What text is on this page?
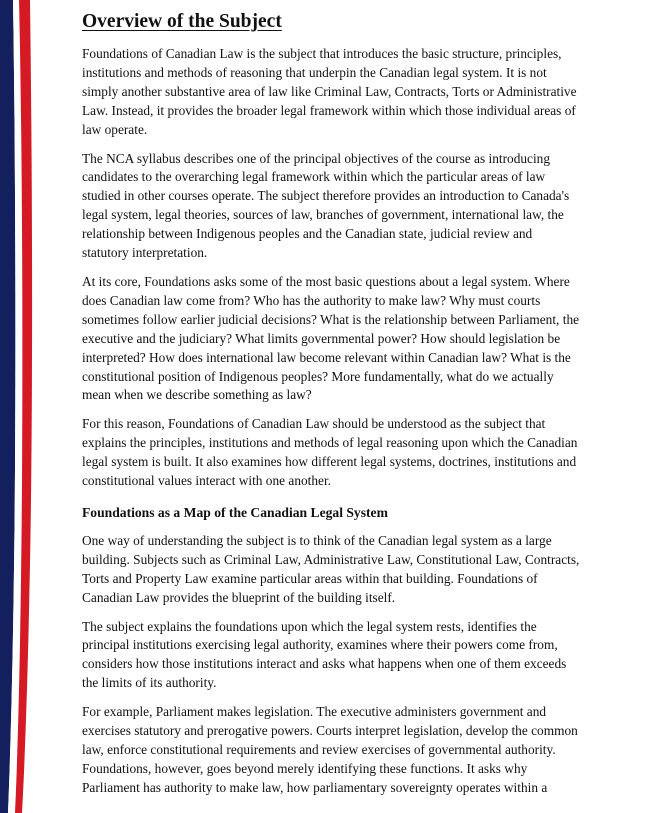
Overview of the Subject

Foundations of Canadian Law is the subject that introduces the basic structure, principles, institutions and methods of reasoning that underpin the Canadian legal system. It is not simply another substantive area of law like Criminal Law, Contracts, Torts or Administrative Law. Instead, it provides the broader legal framework within which those individual areas of law operate.

The NCA syllabus describes one of the principal objectives of the course as introducing candidates to the overarching legal framework within which the particular areas of law studied in other courses operate. The subject therefore provides an introduction to Canada's legal system, legal theories, sources of law, branches of government, international law, the relationship between Indigenous peoples and the Canadian state, judicial review and statutory interpretation.

At its core, Foundations asks some of the most basic questions about a legal system. Where does Canadian law come from? Who has the authority to make law? Why must courts sometimes follow earlier judicial decisions? What is the relationship between Parliament, the executive and the judiciary? What limits governmental power? How should legislation be interpreted? How does international law become relevant within Canadian law? What is the constitutional position of Indigenous peoples? More fundamentally, what do we actually mean when we describe something as law?

For this reason, Foundations of Canadian Law should be understood as the subject that explains the principles, institutions and methods of legal reasoning upon which the Canadian legal system is built. It also examines how different legal systems, doctrines, institutions and constitutional values interact with one another.

Foundations as a Map of the Canadian Legal System

One way of understanding the subject is to think of the Canadian legal system as a large building. Subjects such as Criminal Law, Administrative Law, Constitutional Law, Contracts, Torts and Property Law examine particular areas within that building. Foundations of Canadian Law provides the blueprint of the building itself.

The subject explains the foundations upon which the legal system rests, identifies the principal institutions exercising legal authority, examines where their powers come from, considers how those institutions interact and asks what happens when one of them exceeds the limits of its authority.

For example, Parliament makes legislation. The executive administers government and exercises statutory and prerogative powers. Courts interpret legislation, develop the common law, enforce constitutional requirements and review exercises of governmental authority. Foundations, however, goes beyond merely identifying these functions. It asks why Parliament has authority to make law, how parliamentary sovereignty operates within a
